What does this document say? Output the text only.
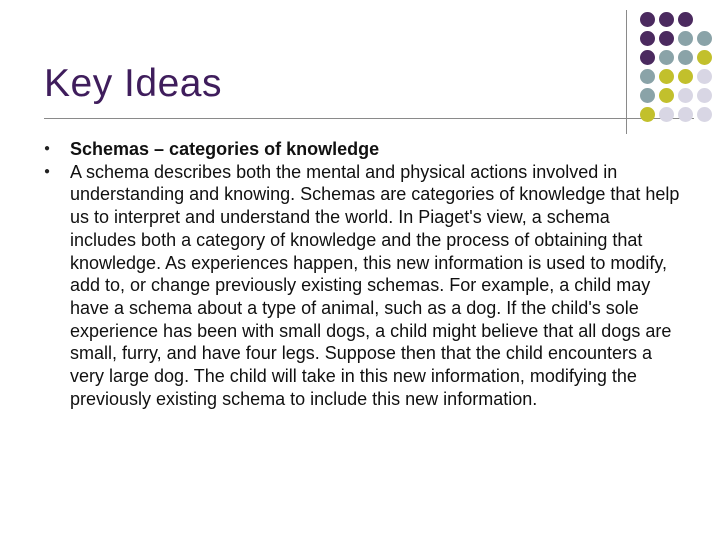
Key Ideas
●	Schemas – categories of knowledge
●	A schema describes both the mental and physical actions involved in understanding and knowing. Schemas are categories of knowledge that help us to interpret and understand the world. In Piaget's view, a schema includes both a category of knowledge and the process of obtaining that knowledge. As experiences happen, this new information is used to modify, add to, or change previously existing schemas. For example, a child may have a schema about a type of animal, such as a dog. If the child's sole experience has been with small dogs, a child might believe that all dogs are small, furry, and have four legs. Suppose then that the child encounters a very large dog. The child will take in this new information, modifying the previously existing schema to include this new information.
